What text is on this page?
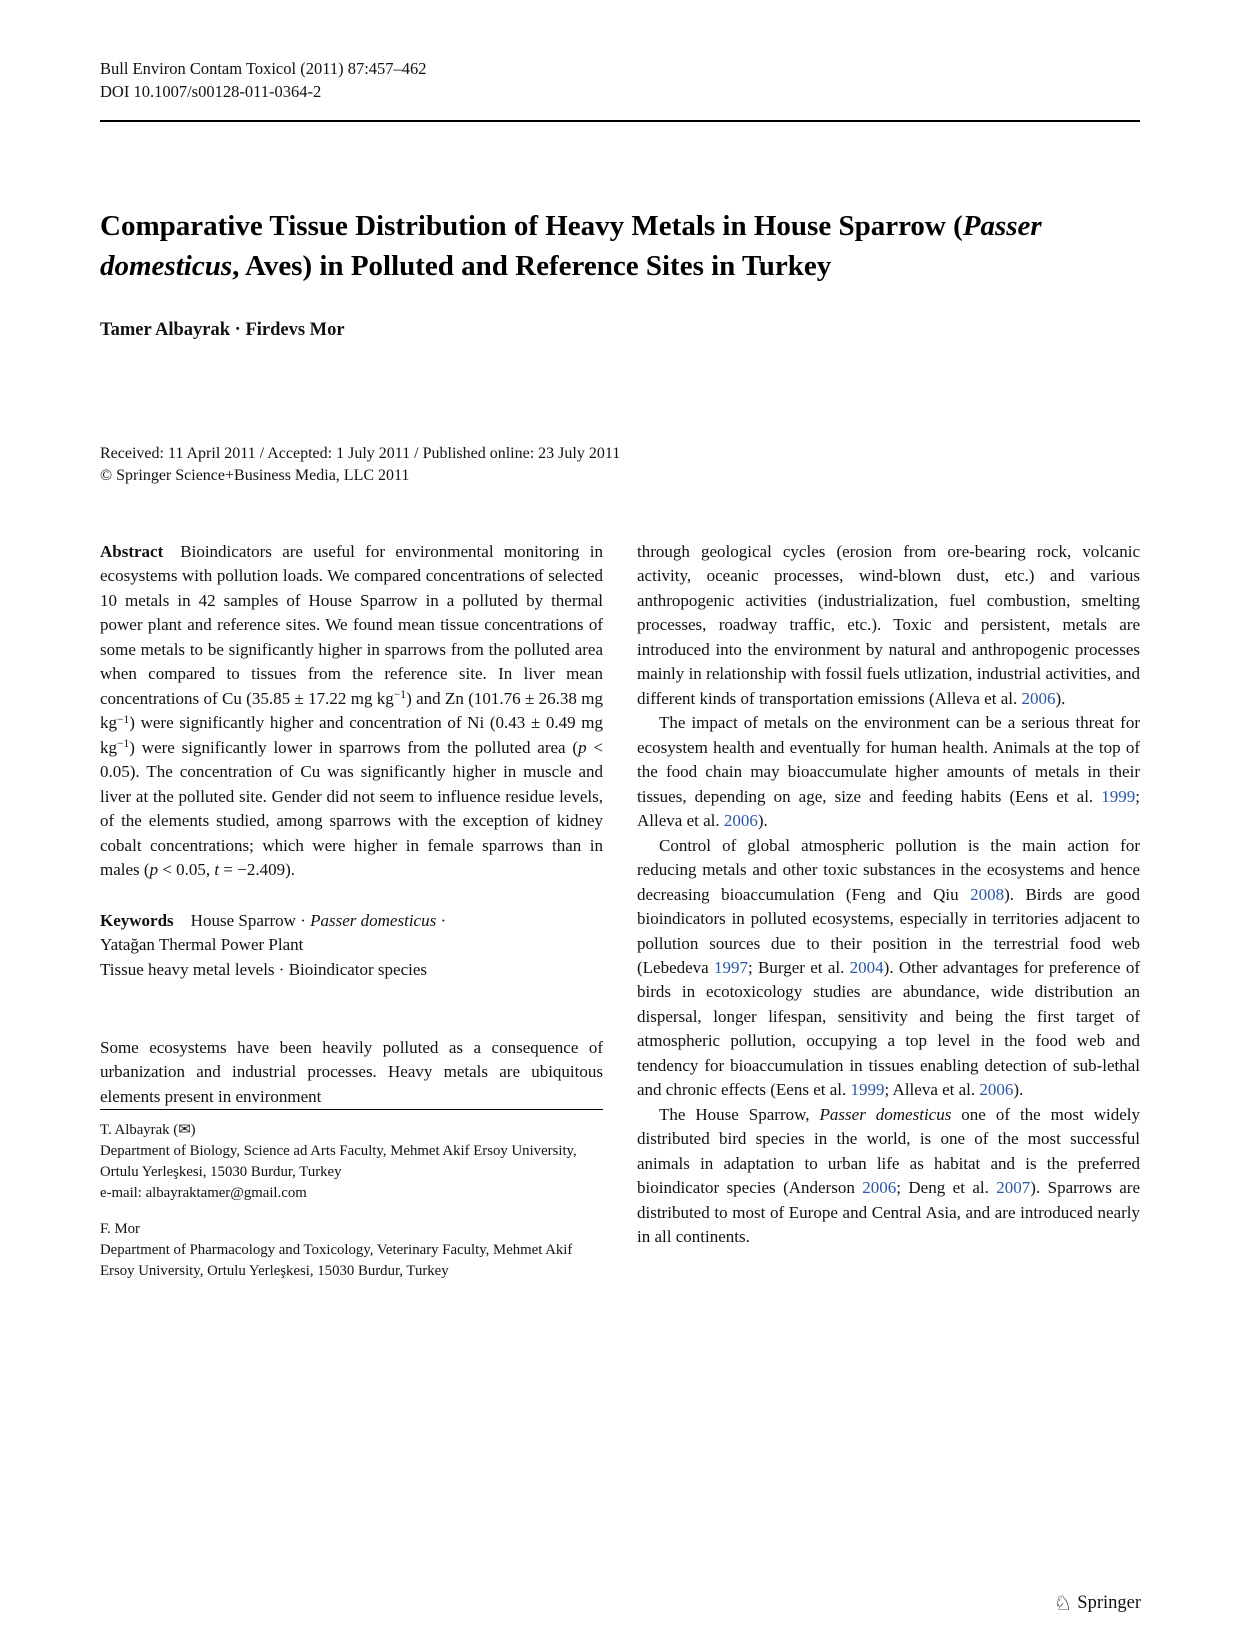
Bull Environ Contam Toxicol (2011) 87:457–462
DOI 10.1007/s00128-011-0364-2
Comparative Tissue Distribution of Heavy Metals in House Sparrow (Passer domesticus, Aves) in Polluted and Reference Sites in Turkey
Tamer Albayrak · Firdevs Mor
Received: 11 April 2011 / Accepted: 1 July 2011 / Published online: 23 July 2011
© Springer Science+Business Media, LLC 2011

Abstract Bioindicators are useful for environmental monitoring in ecosystems with pollution loads. We compared concentrations of selected 10 metals in 42 samples of House Sparrow in a polluted by thermal power plant and reference sites. We found mean tissue concentrations of some metals to be significantly higher in sparrows from the polluted area when compared to tissues from the reference site. In liver mean concentrations of Cu (35.85 ± 17.22 mg $kg^{-1}$) and Zn (101.76 ± 26.38 mg $kg^{-1}$) were significantly higher and concentration of Ni (0.43 ± 0.49 mg $kg^{-1}$) were significantly lower in sparrows from the polluted area (p < 0.05). The concentration of Cu was significantly higher in muscle and liver at the polluted site. Gender did not seem to influence residue levels, of the elements studied, among sparrows with the exception of kidney cobalt concentrations; which were higher in female sparrows than in males (p < 0.05, t = −2.409).

Keywords House Sparrow · Passer domesticus ·
Yatağan Thermal Power Plant
Tissue heavy metal levels · Bioindicator species

Some ecosystems have been heavily polluted as a consequence of urbanization and industrial processes. Heavy metals are ubiquitous elements present in environment

T. Albayrak (✉)

Department of Biology, Science ad Arts Faculty, Mehmet Akif Ersoy University, Ortulu Yerleşkesi, 15030 Burdur, Turkey

e-mail: albayraktamer@gmail.com

F. Mor

Department of Pharmacology and Toxicology, Veterinary Faculty, Mehmet Akif Ersoy University, Ortulu Yerleşkesi, 15030 Burdur, Turkey

through geological cycles (erosion from ore-bearing rock, volcanic activity, oceanic processes, wind-blown dust, etc.) and various anthropogenic activities (industrialization, fuel combustion, smelting processes, roadway traffic, etc.). Toxic and persistent, metals are introduced into the environment by natural and anthropogenic processes mainly in relationship with fossil fuels utlization, industrial activities, and different kinds of transportation emissions (Alleva et al. 2006).

The impact of metals on the environment can be a serious threat for ecosystem health and eventually for human health. Animals at the top of the food chain may bioaccumulate higher amounts of metals in their tissues, depending on age, size and feeding habits (Eens et al. 1999; Alleva et al. 2006).

Control of global atmospheric pollution is the main action for reducing metals and other toxic substances in the ecosystems and hence decreasing bioaccumulation (Feng and Qiu 2008). Birds are good bioindicators in polluted ecosystems, especially in territories adjacent to pollution sources due to their position in the terrestrial food web (Lebedeva 1997; Burger et al. 2004). Other advantages for preference of birds in ecotoxicology studies are abundance, wide distribution an dispersal, longer lifespan, sensitivity and being the first target of atmospheric pollution, occupying a top level in the food web and tendency for bioaccumulation in tissues enabling detection of sub-lethal and chronic effects (Eens et al. 1999; Alleva et al. 2006).

The House Sparrow, Passer domesticus one of the most widely distributed bird species in the world, is one of the most successful animals in adaptation to urban life as habitat and is the preferred bioindicator species (Anderson 2006; Deng et al. 2007). Sparrows are distributed to most of Europe and Central Asia, and are introduced nearly in all continents.

♘ Springer
